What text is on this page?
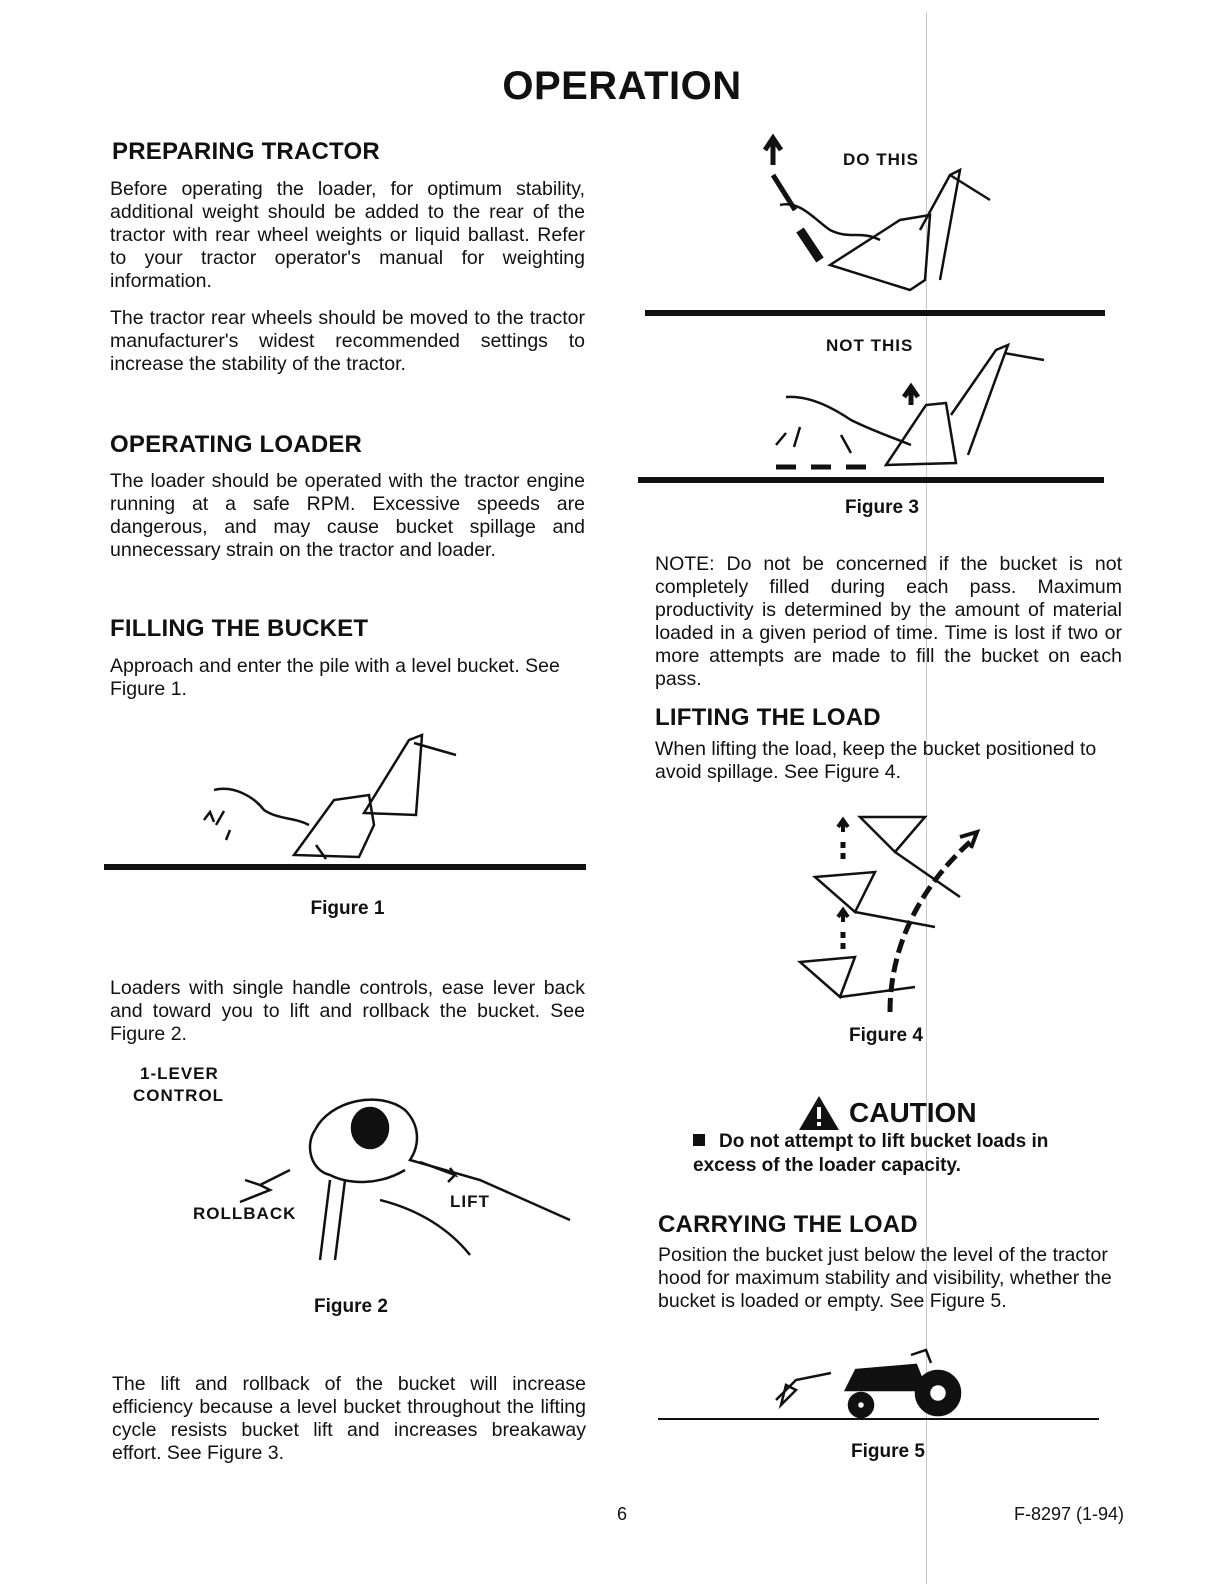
OPERATION
PREPARING TRACTOR

Before operating the loader, for optimum stability, additional weight should be added to the rear of the tractor with rear wheel weights or liquid ballast. Refer to your tractor operator's manual for weighting information.

The tractor rear wheels should be moved to the tractor manufacturer's widest recommended settings to increase the stability of the tractor.

OPERATING LOADER

The loader should be operated with the tractor engine running at a safe RPM. Excessive speeds are dangerous, and may cause bucket spillage and unnecessary strain on the tractor and loader.

FILLING THE BUCKET

Approach and enter the pile with a level bucket. See Figure 1.

Figure 1

Loaders with single handle controls, ease lever back and toward you to lift and rollback the bucket. See Figure 2.

1-LEVER
CONTROL
ROLLBACK
LIFT
Figure 2

The lift and rollback of the bucket will increase efficiency because a level bucket throughout the lifting cycle resists bucket lift and increases breakaway effort. See Figure 3.

DO THIS
NOT THIS
Figure 3

NOTE: Do not be concerned if the bucket is not completely filled during each pass. Maximum productivity is determined by the amount of material loaded in a given period of time. Time is lost if two or more attempts are made to fill the bucket on each pass.

LIFTING THE LOAD

When lifting the load, keep the bucket positioned to avoid spillage. See Figure 4.

Figure 4
CAUTION
Do not attempt to lift bucket loads in excess of the loader capacity.
CARRYING THE LOAD

Position the bucket just below the level of the tractor hood for maximum stability and visibility, whether the bucket is loaded or empty. See Figure 5.

Figure 5
6	F-8297 (1-94)
